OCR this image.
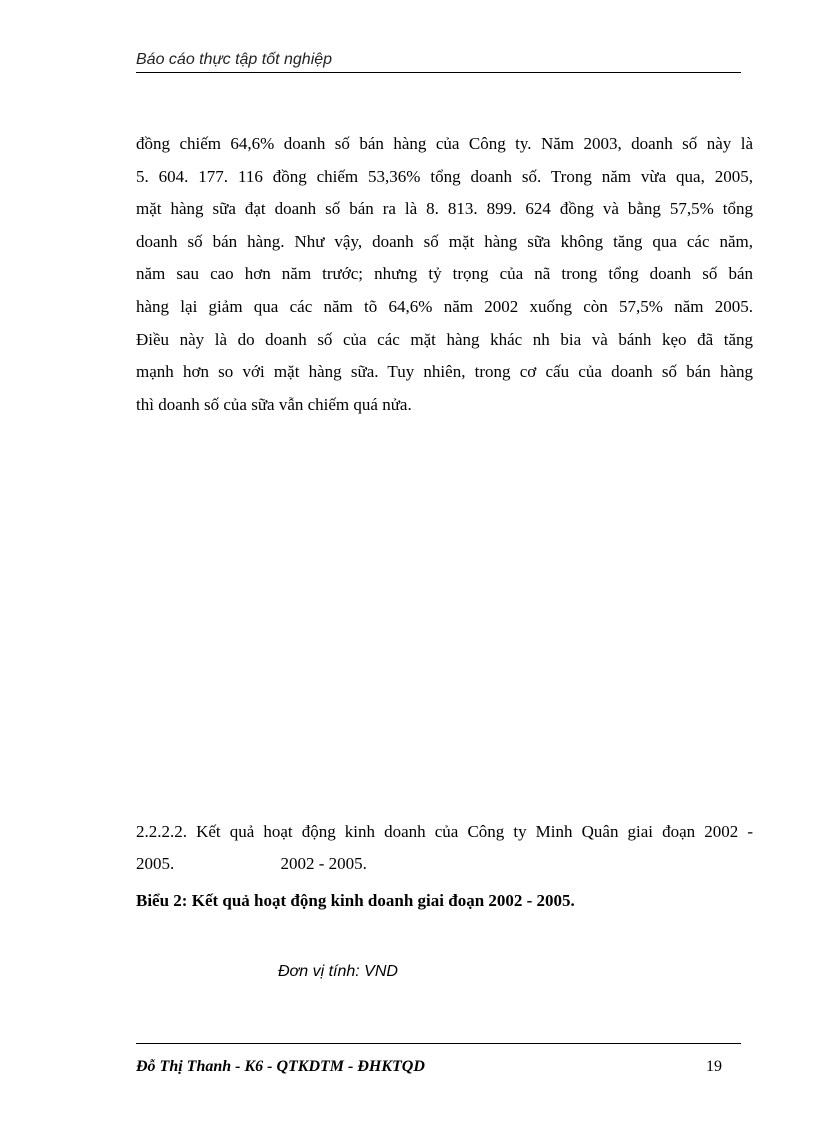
Báo cáo thực tập tốt nghiệp
đồng chiếm 64,6% doanh số bán hàng của Công ty. Năm 2003, doanh số này là
5. 604. 177. 116 đồng chiếm 53,36% tổng doanh số. Trong năm vừa qua, 2005,
mặt hàng sữa đạt doanh số bán ra là 8. 813. 899. 624 đồng và bằng 57,5% tổng
doanh số bán hàng. Như vậy, doanh số mặt hàng sữa không tăng qua các năm,
năm sau cao hơn năm trước; nhưng tỷ trọng của nã trong tổng doanh số bán
hàng lại giảm qua các năm tõ 64,6% năm 2002 xuống còn 57,5% năm 2005.
Điều này là do doanh số của các mặt hàng khác nh bia và bánh kẹo đã tăng
mạnh hơn so với mặt hàng sữa. Tuy nhiên, trong cơ cấu của doanh số bán hàng
thì doanh số của sữa vẫn chiếm quá nửa.
2.2.2.2. Kết quả hoạt động kinh doanh của Công ty Minh Quân giai đoạn 2002 -
2005.                         2002 - 2005.
Biểu 2: Kết quả hoạt động kinh doanh giai đoạn 2002 - 2005.
Đơn vị tính: VND
Đỗ Thị Thanh - K6 - QTKDTM - ĐHKTQD	19
